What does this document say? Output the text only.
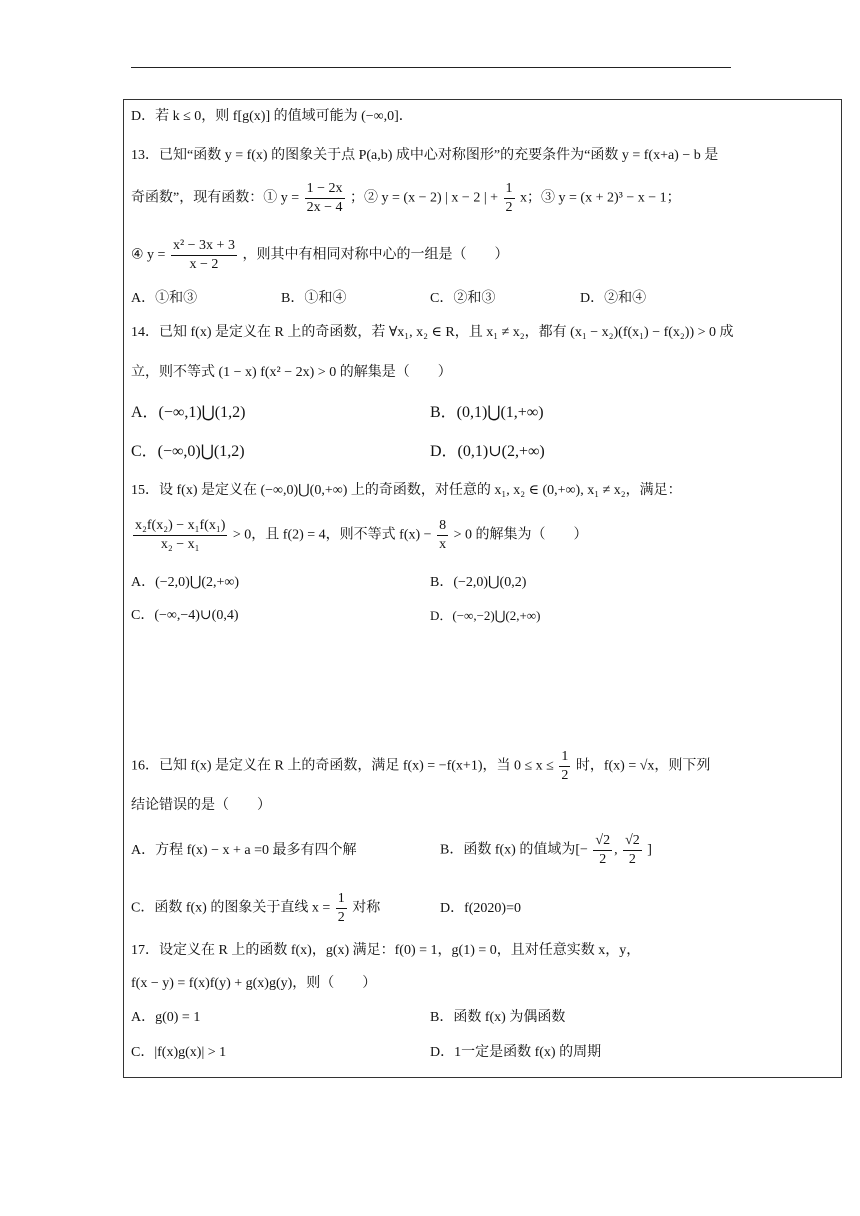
D．若 k ≤ 0，则 f[g(x)] 的值域可能为 (−∞,0]．
13．已知“函数 y = f(x) 的图象关于点 P(a,b) 成中心对称图形”的充要条件为“函数 y = f(x+a) − b 是
奇函数”，现有函数：① $y = \frac{1 - 2x}{2x - 4}$ ；② y = (x − 2) | x − 2 | + $\frac{1}{2}$ x；③ y = (x + 2)³ − x − 1；
④ $y = \frac{\text{x² − 3x + 3}}{x - 2}$ ，则其中有相同对称中心的一组是（　　）
A．①和③	B．①和④	C．②和③	D．②和④
14．已知 f(x) 是定义在 R 上的奇函数，若 ∀x₁, x₂ ∈ R，且 x₁ ≠ x₂，都有 (x₁ − x₂)(f(x₁) − f(x₂)) > 0 成
立，则不等式 (1 − x) f(x² − 2x) > 0 的解集是（　　）
A．(−∞,1)⋃(1,2)	B．(0,1)⋃(1,+∞)
C．(−∞,0)⋃(1,2)	D．(0,1)∪(2,+∞)
15．设 f(x) 是定义在 (−∞,0)⋃(0,+∞) 上的奇函数，对任意的 x₁, x₂ ∈ (0,+∞), x₁ ≠ x₂，满足：
$\frac{\text{x₂f(x₂) − x₁f(x₁)}}{\text{x₂ − x₁}} > 0$，且 f(2) = 4，则不等式 $f(x) - \frac{8}{x} > 0$ 的解集为（　　）
A．(−2,0)⋃(2,+∞)	B．(−2,0)⋃(0,2)
C．(−∞,−4)∪(0,4)	D．(−∞,−2)⋃(2,+∞)
16．已知 f(x) 是定义在 R 上的奇函数，满足 f(x) = −f(x+1)，当 $0 \le x \le \frac{1}{2}$ 时，f(x) = √x，则下列
结论错误的是（　　）
A．方程 f(x) − x + a =0 最多有四个解	B．函数 f(x) 的值域为[− $\frac{√2}{2}$ , $\frac{√2}{2}$ ]
C．函数 f(x) 的图象关于直线 $x = \frac{1}{2}$ 对称	D．f(2020)=0
17．设定义在 R 上的函数 f(x)，g(x) 满足：f(0) = 1，g(1) = 0，且对任意实数 x，y，
f(x − y) = f(x)f(y) + g(x)g(y)，则（　　）
A．g(0) = 1	B．函数 f(x) 为偶函数
C．|f(x)g(x)| > 1	D．1一定是函数 f(x) 的周期
